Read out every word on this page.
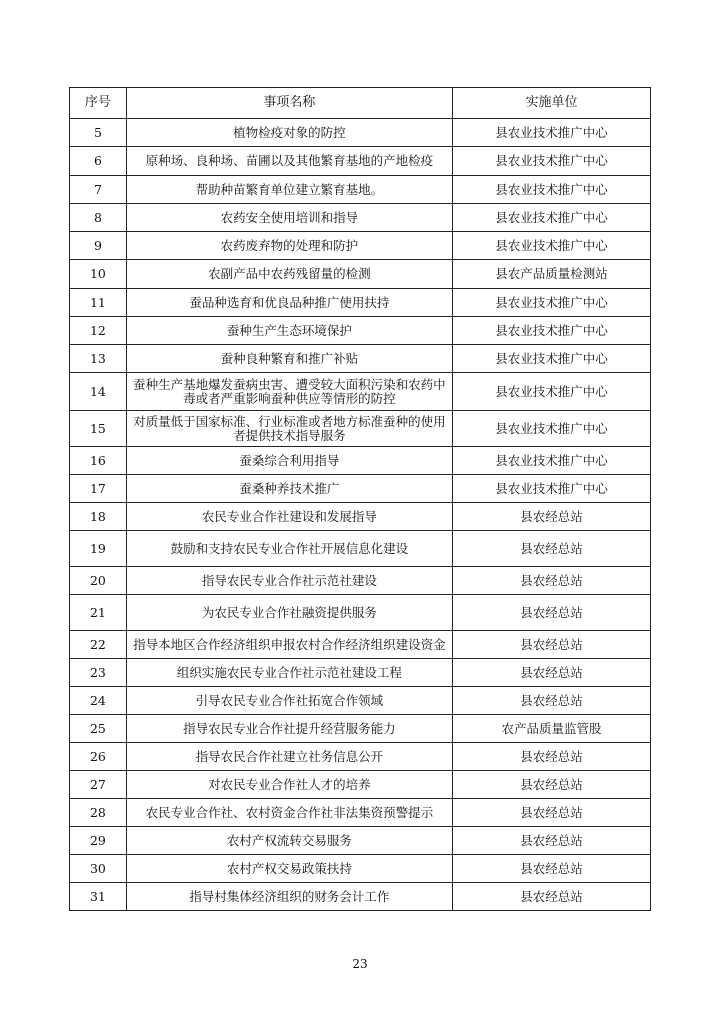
序号	事项名称	实施单位
5	植物检疫对象的防控	县农业技术推广中心
6	原种场、良种场、苗圃以及其他繁育基地的产地检疫	县农业技术推广中心
7	帮助种苗繁育单位建立繁育基地。	县农业技术推广中心
8	农药安全使用培训和指导	县农业技术推广中心
9	农药废弃物的处理和防护	县农业技术推广中心
10	农副产品中农药残留量的检测	县农产品质量检测站
11	蚕品种选育和优良品种推广使用扶持	县农业技术推广中心
12	蚕种生产生态环境保护	县农业技术推广中心
13	蚕种良种繁育和推广补贴	县农业技术推广中心
14	蚕种生产基地爆发蚕病虫害、遭受较大面积污染和农药中毒或者严重影响蚕种供应等情形的防控	县农业技术推广中心
15	对质量低于国家标准、行业标准或者地方标准蚕种的使用者提供技术指导服务	县农业技术推广中心
16	蚕桑综合利用指导	县农业技术推广中心
17	蚕桑种养技术推广	县农业技术推广中心
18	农民专业合作社建设和发展指导	县农经总站
19	鼓励和支持农民专业合作社开展信息化建设	县农经总站
20	指导农民专业合作社示范社建设	县农经总站
21	为农民专业合作社融资提供服务	县农经总站
22	指导本地区合作经济组织申报农村合作经济组织建设资金	县农经总站
23	组织实施农民专业合作社示范社建设工程	县农经总站
24	引导农民专业合作社拓宽合作领域	县农经总站
25	指导农民专业合作社提升经营服务能力	农产品质量监管股
26	指导农民合作社建立社务信息公开	县农经总站
27	对农民专业合作社人才的培养	县农经总站
28	农民专业合作社、农村资金合作社非法集资预警提示	县农经总站
29	农村产权流转交易服务	县农经总站
30	农村产权交易政策扶持	县农经总站
31	指导村集体经济组织的财务会计工作	县农经总站
23
